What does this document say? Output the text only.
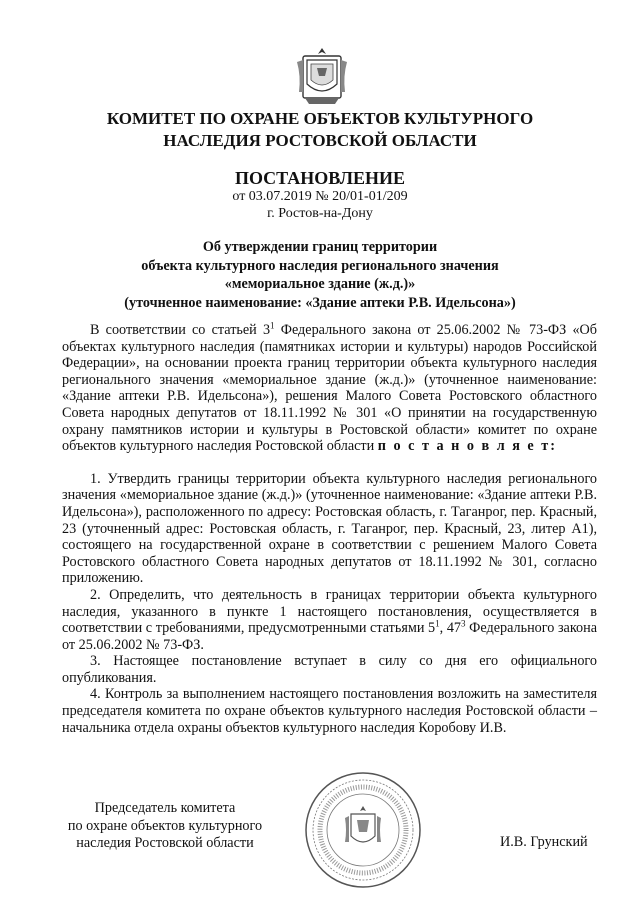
КОМИТЕТ ПО ОХРАНЕ ОБЪЕКТОВ КУЛЬТУРНОГО
НАСЛЕДИЯ РОСТОВСКОЙ ОБЛАСТИ
ПОСТАНОВЛЕНИЕ
от 03.07.2019 № 20/01-01/209
г. Ростов-на-Дону
Об утверждении границ территории
объекта культурного наследия регионального значения
«мемориальное здание (ж.д.)»
(уточненное наименование: «Здание аптеки Р.В. Идельсона»)

В соответствии со статьей $3^1$ Федерального закона от 25.06.2002 № 73-ФЗ «Об объектах культурного наследия (памятниках истории и культуры) народов Российской Федерации», на основании проекта границ территории объекта культурного наследия регионального значения «мемориальное здание (ж.д.)» (уточненное наименование: «Здание аптеки Р.В. Идельсона»), решения Малого Совета Ростовского областного Совета народных депутатов от 18.11.1992 № 301 «О принятии на государственную охрану памятников истории и культуры в Ростовской области» комитет по охране объектов культурного наследия Ростовской области п о с т а н о в л я е т:

1. Утвердить границы территории объекта культурного наследия регионального значения «мемориальное здание (ж.д.)» (уточненное наименование: «Здание аптеки Р.В. Идельсона»), расположенного по адресу: Ростовская область, г. Таганрог, пер. Красный, 23 (уточненный адрес: Ростовская область, г. Таганрог, пер. Красный, 23, литер А1), состоящего на государственной охране в соответствии с решением Малого Совета Ростовского областного Совета народных депутатов от 18.11.1992 № 301, согласно приложению.

2. Определить, что деятельность в границах территории объекта культурного наследия, указанного в пункте 1 настоящего постановления, осуществляется в соответствии с требованиями, предусмотренными статьями $5^1$, $47^3$ Федерального закона от 25.06.2002 № 73-ФЗ.

3. Настоящее постановление вступает в силу со дня его официального опубликования.

4. Контроль за выполнением настоящего постановления возложить на заместителя председателя комитета по охране объектов культурного наследия Ростовской области – начальника отдела охраны объектов культурного наследия Коробову И.В.

Председатель комитета
по охране объектов культурного
наследия Ростовской области	И.В. Грунский
